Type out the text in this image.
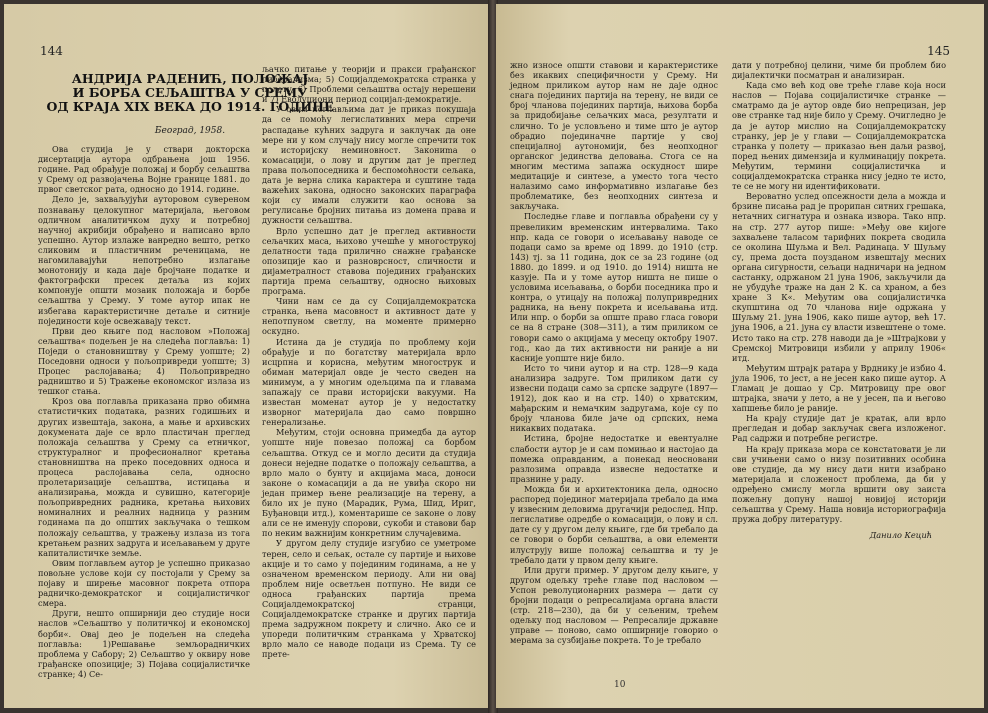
144
АНДРИЈА РАДЕНИЋ, ПОЛОЖАЈ
И БОРБА СЕЉАШТВА У СРЕМУ
ОД КРАЈА XIX ВЕКА ДО 1914. ГОДИНЕ
Београд, 1958.

Ова студија је у ствари докторска дисертација аутора одбрањена још 1956. године. Рад обрађује положај и борбу сељаштва у Срему од развојачења Војне границе 1881. до првог светског рата, односно до 1914. године.

Дело је, захваљујући ауторовом сувереном познавању целокупног материјала, његовом одличном аналитичком духу и потребној научној акрибији обрађено и написано врло успешно. Аутор излаже ванредно вешто, ретко сликовим и пластичним реченицама, не нагомилавајући непотребно излагање монотонију и када даје бројчане податке и фактографски пресек детаља из којих компонује општи мозаик положаја и борбе сељаштва у Срему. У томе аутор ипак не избегава карактеристичне детаље и ситније појединости које освежавају текст.

Први део књиге под насловом »Положај сељаштва« подељен је на следећа поглавља: 1) Поједи о становништву у Срему уопште; 2) Поседовни односи у пољопривреди уопште; 3) Процес раслојавања; 4) Пољопривредно радништво и 5) Тражење економског излаза из тешког стања.

Кроз ова поглавља приказана прво обимна статистичких података, разних годишњих и других извештаја, закона, а мање и архивских докумената даје се врло пластичан преглед положаја сељаштва у Срему са етничког, структуралног и професионалног кретања становништва на преко поседовних односа и процеса раслојавања села, односно пролетаризације сељаштва, истицања и анализирања, можда и сувишно, категорије пољопривредних радника, кретања њихових номиналних и реалних надница у разним годинама па до општих закључака о тешком положају сељаштва, у тражењу излаза из тога кретањем разних задруга и исељавањем у друге капиталистичке земље.

Овим поглављем аутор је успешно приказао повољне услове који су постојали у Срему за појаву и ширење масовног покрета отпора радничко-демократског и социјалистичког смера.

Други, нешто опширнији део студије носи наслов »Сељаштво у политичкој и економској борби«. Овај део је подељен на следећа поглавља: 1)Решавање земљорадничких проблема у Сабору; 2) Сељаштво у оквиру нове грађанске опозиције; 3) Појава социјалистичке странке; 4) Се-

љачко питање у теорији и пракси грађанског либерализма; 5) Социјалдемократска странка у полету; 6) Проблеми сељаштва остају нерешени и 7) Еволуциони период социјал-демократије.

У овим поглављима дат је приказ покушаја да се помоћу легислативних мера спречи распадање кућних задруга и заклучак да оне мере ни у ком случају нису могле спречити ток и историјску неминовност. Закониma о комасацији, о лову и другим дат је преглед права пољопоседника и беспомоћности сељака, дата је верна слика карактера и суштине тада важећих закона, односно законских параграфа који су имали служити као основа за регулисање бројних питања из домена права и дужности сељаштва.

Врло успешно дат је преглед активности сељачких маса, њихово учешће у многострукој делатности тада прилично снажне грађанске опозиције као и разноврсност, сличности и дијаметралност ставова појединих грађанских партија према сељаштву, односно њиховых програма.

Чини нам се да су Социјалдемократска странка, њена масовност и активност дате у непотпуном светлу, на моменте примерно оскудно.

Истина да је студија по проблему који обрађује и по богатству материјала врло исцрпна и корисна, међутим многострук и обиман материјал овде је често сведен на минимум, а у многим одељцима па и главама запажају се прави историјски вакууми. На известан моменат аутор је у недостатку изворног материјала дао само површно генерализање.

Међутим, стоји основна примедба да аутор уопште није повезао положај са борбом сељаштва. Откуд се и могло десити да студија донеси неједне податке о положају сељаштва, а врло мало о бунту и акцијама маса, доноси законе о комасацији а да не увиђа скоро ни један пример њене реализације на терену, а било их је пуно (Марадик, Рума, Шид, Ириг, Буђановци итд.), коментарише се законе о лову али се не именују спорови, сукоби и ставови бар по неким важнијим конкретним случајевима.

У другом делу студије изгубио се уметроме терен, село и сељак, остале су партије и њихове акције и то само у појединим годинама, а не у означеном временском периоду. Али ни овај проблем није осветљен потпуно. Не види се односа грађанских партија према Социјалдемократској странци, Социјалдемократске странке и других партија према задружном покрету и слично. Ако се и упореди политичким странкама у Хрватској врло мало се наводе подаци из Срема. Ту се прете-

145

жно износе општи ставови и карактеристике без икаквих специфичности у Срему. Ни једном приликом аутор нам не даје однос снага појединих партија на терену, не види се број чланова појединих партија, њихова борба за придобијање сељачких маса, резултати и слично. То је условљено и тиме што је аутор обрадио појединачне партије у свој специјалној аутономији, без неопходног органског јединства деловања. Стога се на многим местима запажа оскудност шире медитације и синтезе, а уместо тога често налазимо само информативно излагање без проблематике, без неопходних синтеза и закључака.

Последње главе и поглавља обрађени су у превеликим временским интервалима. Тако нпр. када се говори о исељавању наводе се подаци само за време од 1899. до 1910 (стр. 143) тј. за 11 година, док се за 23 године (од 1880. до 1899. и од 1910. до 1914) ништа не казује. Па и у томе аутор ништа не пише о условима исељавања, о борби поседника про и контра, о утицају на положај полупривредних радника, на њену покрета и исељавања итд. Или нпр. о борби за опште право гласа говори се на 8 стране (308—311), а тим приликом се говори само о акцијама у месецу октобру 1907. год., као да тих активности ни раније а ни касније уопште није било.

Исто то чини аутор и на стр. 128—9 када анализира задруге. Том приликом дати су извесни подаци само за српске задруге (1897—1912), док као и на стр. 140) о хрватским, мађарским и немачким задругама, које су по броју чланова биле јаче од српских, нема никаквих података.

Истина, бројне недостатке и евентуалне слабости аутор је и сам помињао и настојао да помежа оправданим, а понекад неосновани разлозима оправда извесне недостатке и празнине у раду.

Можда би и архитектоника дела, односно распоред појединог материјала требало да има у извесним деловима другачији редослед. Нпр. легислативе одредбе о комасацији, о лову и сл. дате су у другом делу књиге, где би требало да се говори о борби сељаштва, а ови елементи илуструју више положај сељаштва и ту је требало дати у првом делу књиге.

Или други пример. У другом делу књиге, у другом одељку треће главе под насловом — Успон револуционарних размера — дати су бројни подаци о репресалијама органа власти (стр. 218—230), да би у сељеним, трећем одељку под насловом — Репресалије државне управе — поново, само опширније говорио о мерама за сузбијање покрета. То је требало

дати у потребној целини, чиме би проблем био дијалектички посматран и анализиран.

Када смо већ код ове треће главе која носи наслов — Појава социјалистичке странке — сматрамо да је аутор овде био непрецизан, јер ове странке тад није било у Срему. Очигледно је да је аутор мислио на Социјалдемократску странку, јер је у глави — Социјалдемократска странка у полету — приказао њен даљи развој, поред њених димензија и кулминацију покрета. Међутим, термини социјалистичка и социјалдемократска странка нису једно те исто, те се не могу ни идентификовати.

Вероватно услед опсежности дела а можда и брзине писања рад је прорипан ситних грешака, нетачних сигнатура и ознака извора. Тако нпр. на стр. 277 аутор пише: »Међу ове кијоге захваљене таласом тарифних покрета сводила се околина Шуљма и Вел. Радинаца. У Шуљму су, према доста поузданом извештају месних органа сигурности, сељаци надничари на једном састанку, одржаном 21 јуна 1906, закључили да не убудуће траже на дан 2 К. са храном, а без хране 3 К«. Међутим ова социјалистичка скупштина од 70 чланова није одржана у Шуљму 21. јуна 1906, како пише аутор, већ 17. јуна 1906, а 21. јуна су власти извештене о томе. Исто тако на стр. 278 наводи да је »Штрајкови у Сремској Митровици избили у априлу 1906« итд.

Међутим штрајк ратара у Врднику је избио 4. јула 1906, то јест, а не јесен како пише аутор. А Гламац је дошао у Ср. Митровицу пре овог штрајка, значи у лето, а не у јесен, па и његово хапшење било је раније.

На крају студије дат је кратак, али врло прегледан и добар закључак свега изложеног. Рад садржи и потребне регистре.

На крају приказа мора се констатовати је ли сви учињени само о низу позитивних особина ове студије, да му нису дати нити изабрано материјала и сложеност проблема, да би у одређено смислу могла вршити ову заиста пожељну допуну нашој новијој историји сељаштва у Срему. Наша новија историографија пружа добру литературу.

Данило Кецић
10
